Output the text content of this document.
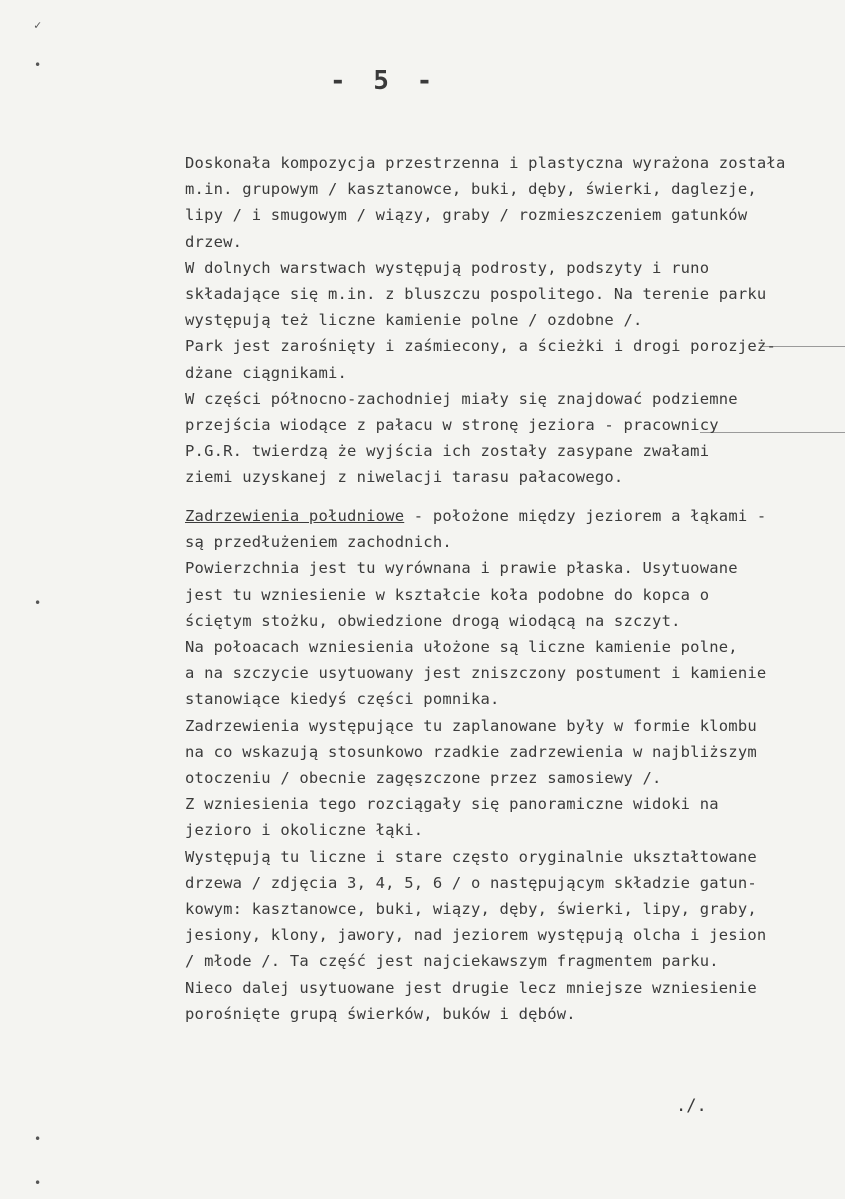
✓
•
•
•
•
- 5 -
Doskonała kompozycja przestrzenna i plastyczna wyrażona została
m.in. grupowym / kasztanowce, buki, dęby, świerki, daglezje,
lipy / i smugowym / wiązy, graby / rozmieszczeniem gatunków
drzew.
W dolnych warstwach występują podrosty, podszyty i runo
składające się m.in. z bluszczu pospolitego. Na terenie parku
występują też liczne kamienie polne / ozdobne /.
Park jest zarośnięty i zaśmiecony, a ścieżki i drogi porozjeż-
dżane ciągnikami.
W części północno-zachodniej miały się znajdować podziemne
przejścia wiodące z pałacu w stronę jeziora - pracownicy
P.G.R. twierdzą że wyjścia ich zostały zasypane zwałami
ziemi uzyskanej z niwelacji tarasu pałacowego.
Zadrzewienia południowe - położone między jeziorem a łąkami -
są przedłużeniem zachodnich.
Powierzchnia jest tu wyrównana i prawie płaska. Usytuowane
jest tu wzniesienie w kształcie koła podobne do kopca o
ściętym stożku, obwiedzione drogą wiodącą na szczyt.
Na połoacach wzniesienia ułożone są liczne kamienie polne,
a na szczycie usytuowany jest zniszczony postument i kamienie
stanowiące kiedyś części pomnika.
Zadrzewienia występujące tu zaplanowane były w formie klombu
na co wskazują stosunkowo rzadkie zadrzewienia w najbliższym
otoczeniu / obecnie zagęszczone przez samosiewy /.
Z wzniesienia tego rozciągały się panoramiczne widoki na
jezioro i okoliczne łąki.
Występują tu liczne i stare często oryginalnie ukształtowane
drzewa / zdjęcia 3, 4, 5, 6 / o następującym składzie gatun-
kowym: kasztanowce, buki, wiązy, dęby, świerki, lipy, graby,
jesiony, klony, jawory, nad jeziorem występują olcha i jesion
/ młode /. Ta część jest najciekawszym fragmentem parku.
Nieco dalej usytuowane jest drugie lecz mniejsze wzniesienie
porośnięte grupą świerków, buków i dębów.
./.
